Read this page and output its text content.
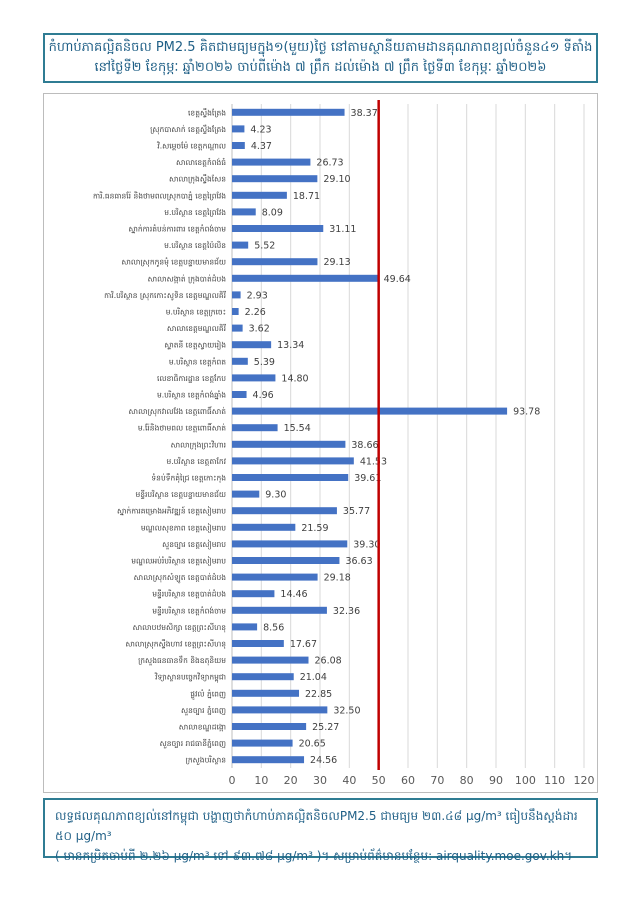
កំហាប់ភាគល្អិតនិចល PM2.5 គិតជាមធ្យមក្នុង១(មួយ)ថ្ងៃ នៅតាមស្ថានីយតាមដានគុណភាពខ្យល់ចំនួន៤១ ទីតាំង
នៅថ្ងៃទី២ ខែកុម្ភៈ ឆ្នាំ២០២៦ ចាប់ពីម៉ោង ៧ ព្រឹក ដល់ម៉ោង ៧ ព្រឹក ថ្ងៃទី៣ ខែកុម្ភៈ ឆ្នាំ២០២៦
ខេត្តស្ទឹងត្រែង
ស្រុកបាសាក់ ខេត្តស្ទឹងត្រែង
វិ.សម្តេចម៉ែ ខេត្តកណ្ដាល
សាលាខេត្តកំពង់ធំ
សាលាក្រុងស្ទឹងសែន
ការិ.ធនធានរ៉ែ និងថាមពលស្រុកបាភ្នំ ខេត្តព្រៃវែង
ម.បរិស្ថាន ខេត្តព្រៃវែង
ស្នាក់ការតំបន់ការពារ ខេត្តកំពង់ចាម
ម.បរិស្ថាន ខេត្តប៉ៃលិន
សាលាស្រុកកូនមុំ ខេត្តបន្ទាយមានជ័យ
សាលាសង្កាត់ ក្រុងបាត់ដំបង
ការិ.បរិស្ថាន ស្រុកកោះសូទិន ខេត្តមណ្ឌលគិរី
ម.បរិស្ថាន ខេត្តក្រចេះ
សាលាខេត្តមណ្ឌលគិរី
ស្ទាតនី ខេត្តស្វាយរៀង
ម.បរិស្ថាន ខេត្តកំពត
លេខាធិការដ្ឋាន ខេត្តកែប
ម.បរិស្ថាន ខេត្តកំពង់ឆ្នាំង
សាលាស្រុកវាលវែង ខេត្តពោធិ៍សាត់
ម.រ៉ែនិងថាមពល ខេត្តពោធិ៍សាត់
សាលាក្រុងព្រះវិហារ
ម.បរិស្ថាន ខេត្តតាកែវ
ទំនប់ទឹកគុំជ្រៃ ខេត្តកោះកុង
មន្ទីរបរិស្ថាន ខេត្តបន្ទាយមានជ័យ
ស្នាក់ការគម្រោងអភិវឌ្ឍន៍ ខេត្តសៀមរាប
មណ្ឌលសុខភាព ខេត្តសៀមរាប
សួនច្បារ ខេត្តសៀមរាប
មណ្ឌលអប់រំបរិស្ថាន ខេត្តសៀមរាប
សាលាស្រុកសំឡូត ខេត្តបាត់ដំបង
មន្ទីរបរិស្ថាន ខេត្តបាត់ដំបង
មន្ទីរបរិស្ថាន ខេត្តកំពង់ចាម
សាលាបឋមសិក្សា ខេត្តព្រះសីហនុ
សាលាស្រុកស្ទឹងហាវ ខេត្តព្រះសីហនុ
ក្រសួងធនធានទឹក និងឧតុនិយម
វិទ្យាស្ថានបច្ចេកវិទ្យាកម្ពុជា
ផ្លូវលំ ភ្នំពេញ
សួនច្បារ ភ្នំពេញ
សាលាខណ្ឌដង្កោ
សួនច្បារ រាជធានីភ្នំពេញ
ក្រសួងបរិស្ថាន
38.37
4.23
4.37
26.73
29.10
18.71
8.09
31.11
5.52
29.13
49.64
2.93
2.26
3.62
13.34
5.39
14.80
4.96
93.78
15.54
38.66
41.53
39.61
9.30
35.77
21.59
39.30
36.63
29.18
14.46
32.36
8.56
17.67
26.08
21.04
22.85
32.50
25.27
20.65
24.56
0 10 20 30 40 50 60 70 80 90 100 110 120
លទ្ធផលគុណភាពខ្យល់នៅកម្ពុជា បង្ហាញថាកំហាប់ភាគល្អិតនិចលPM2.5 ជាមធ្យម ២៣.៤៨ µg/m³ ធៀបនឹងស្តង់ដារ ៥០ µg/m³
( មានកម្រិតចាប់ពី ២.២៦ µg/m³ ទៅ ៩៣.៧៨ µg/m³ )។ សម្រាប់ព័ត៌មានបន្ថែម: airquality.moe.gov.kh។
